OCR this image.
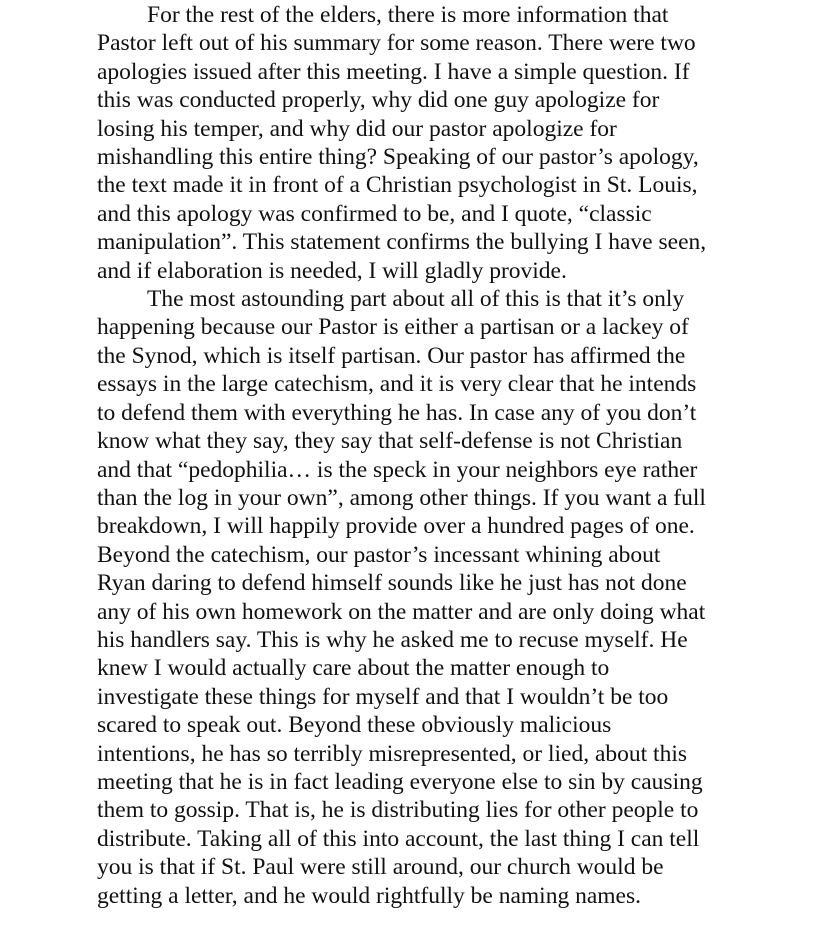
For the rest of the elders, there is more information that
Pastor left out of his summary for some reason. There were two
apologies issued after this meeting. I have a simple question. If
this was conducted properly, why did one guy apologize for
losing his temper, and why did our pastor apologize for
mishandling this entire thing? Speaking of our pastor’s apology,
the text made it in front of a Christian psychologist in St. Louis,
and this apology was confirmed to be, and I quote, “classic
manipulation”. This statement confirms the bullying I have seen,
and if elaboration is needed, I will gladly provide.
The most astounding part about all of this is that it’s only
happening because our Pastor is either a partisan or a lackey of
the Synod, which is itself partisan. Our pastor has affirmed the
essays in the large catechism, and it is very clear that he intends
to defend them with everything he has. In case any of you don’t
know what they say, they say that self-defense is not Christian
and that “pedophilia… is the speck in your neighbors eye rather
than the log in your own”, among other things. If you want a full
breakdown, I will happily provide over a hundred pages of one.
Beyond the catechism, our pastor’s incessant whining about
Ryan daring to defend himself sounds like he just has not done
any of his own homework on the matter and are only doing what
his handlers say. This is why he asked me to recuse myself. He
knew I would actually care about the matter enough to
investigate these things for myself and that I wouldn’t be too
scared to speak out. Beyond these obviously malicious
intentions, he has so terribly misrepresented, or lied, about this
meeting that he is in fact leading everyone else to sin by causing
them to gossip. That is, he is distributing lies for other people to
distribute. Taking all of this into account, the last thing I can tell
you is that if St. Paul were still around, our church would be
getting a letter, and he would rightfully be naming names.
